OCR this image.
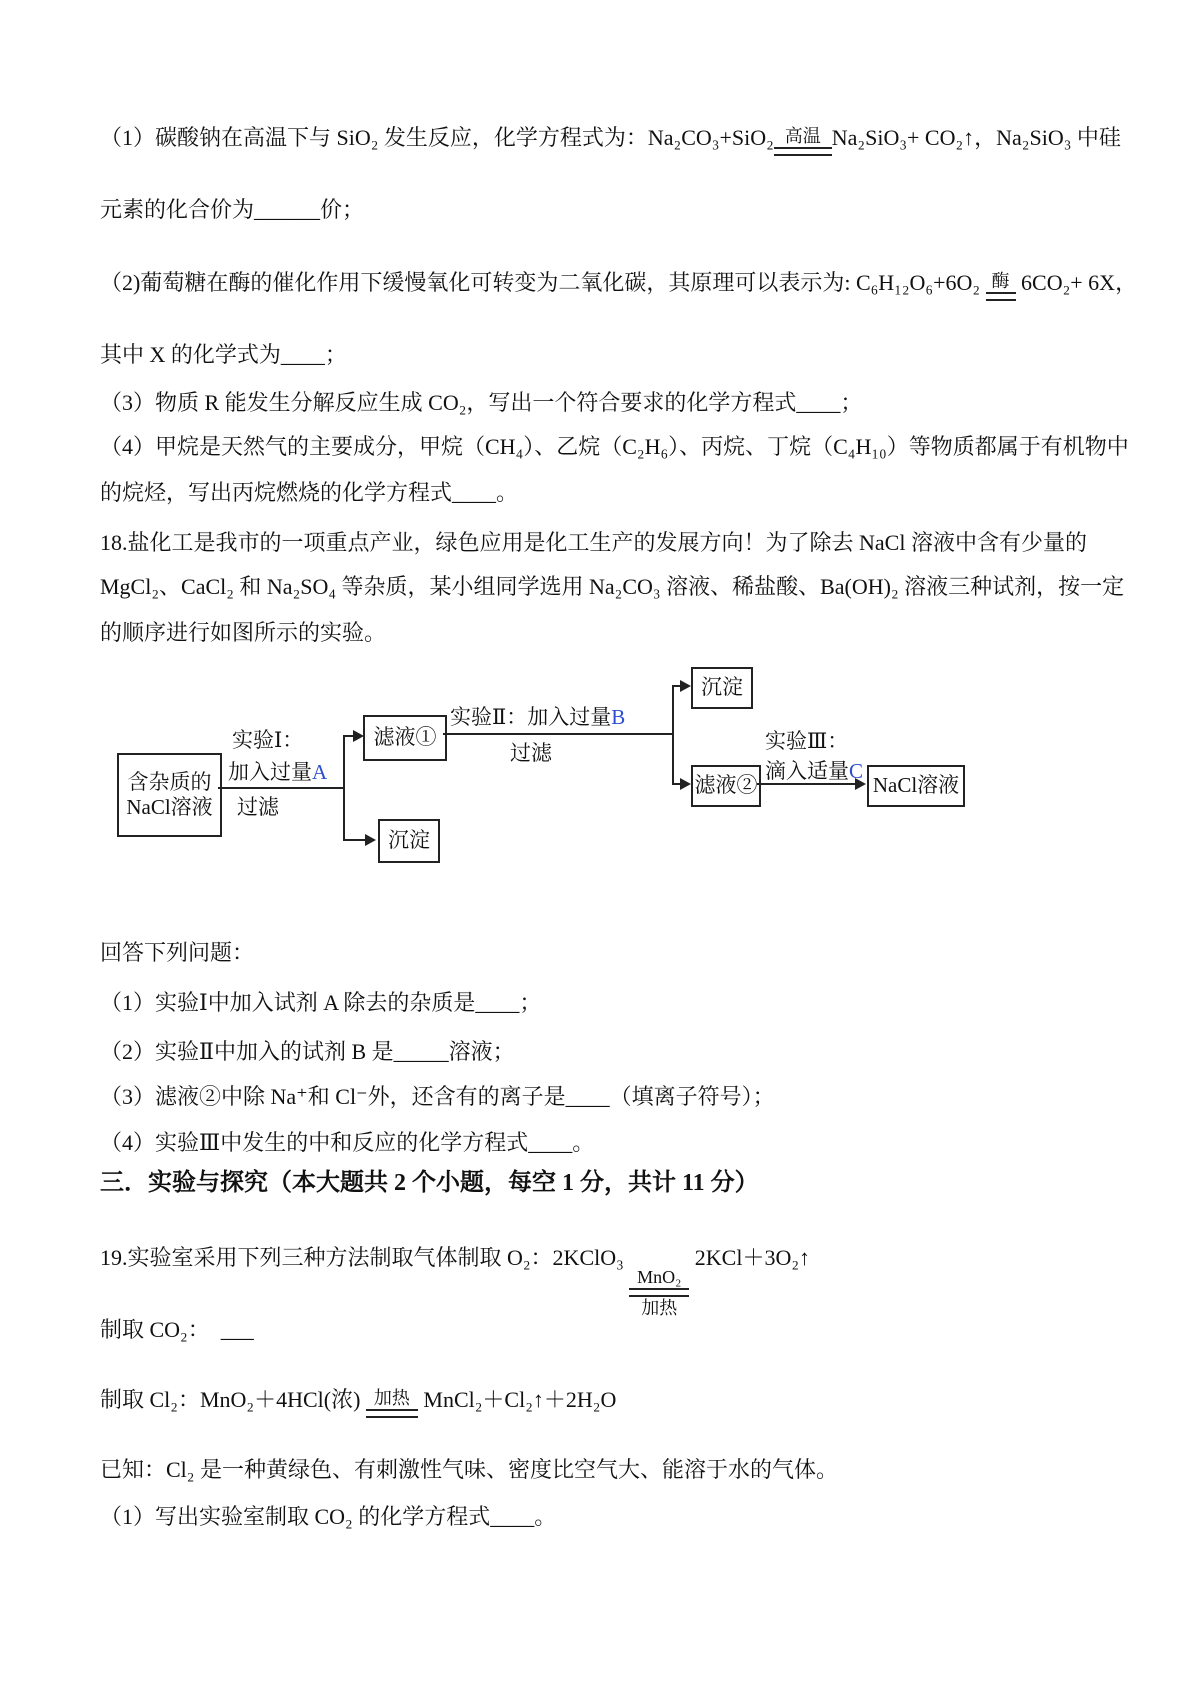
（1）碳酸钠在高温下与 SiO₂ 发生反应，化学方程式为：Na₂CO₃+SiO₂ 高温 Na₂SiO₃+ CO₂↑，Na₂SiO₃ 中硅
元素的化合价为______价；
（2)葡萄糖在酶的催化作用下缓慢氧化可转变为二氧化碳，其原理可以表示为: C₆H₁₂O₆+6O₂ 酶 6CO₂+ 6X，
其中 X 的化学式为____；
（3）物质 R 能发生分解反应生成 CO₂，写出一个符合要求的化学方程式____；
（4）甲烷是天然气的主要成分，甲烷（CH₄）、乙烷（C₂H₆）、丙烷、丁烷（C₄H₁₀）等物质都属于有机物中
的烷烃，写出丙烷燃烧的化学方程式____。
18.盐化工是我市的一项重点产业，绿色应用是化工生产的发展方向！为了除去 NaCl 溶液中含有少量的
MgCl₂、CaCl₂ 和 Na₂SO₄ 等杂质，某小组同学选用 Na₂CO₃ 溶液、稀盐酸、Ba(OH)₂ 溶液三种试剂，按一定
的顺序进行如图所示的实验。
含杂质的
NaCl溶液
实验Ⅰ：
加入过量A
过滤
滤液①
沉淀
实验Ⅱ：加入过量B
过滤
沉淀
滤液②
实验Ⅲ：
滴入适量C
NaCl溶液
回答下列问题：
（1）实验Ⅰ中加入试剂 A 除去的杂质是____；
（2）实验Ⅱ中加入的试剂 B 是_____溶液；
（3）滤液②中除 Na⁺和 Cl⁻外，还含有的离子是____（填离子符号）；
（4）实验Ⅲ中发生的中和反应的化学方程式____。
三．实验与探究（本大题共 2 个小题，每空 1 分，共计 11 分）
19.实验室采用下列三种方法制取气体制取 O₂：2KClO₃
MnO₂
加热
2KCl＋3O₂↑
制取 CO₂：  ___
制取 Cl₂：MnO₂＋4HCl(浓) 加热 MnCl₂＋Cl₂↑＋2H₂O
已知：Cl₂ 是一种黄绿色、有刺激性气味、密度比空气大、能溶于水的气体。
（1）写出实验室制取 CO₂ 的化学方程式____。
